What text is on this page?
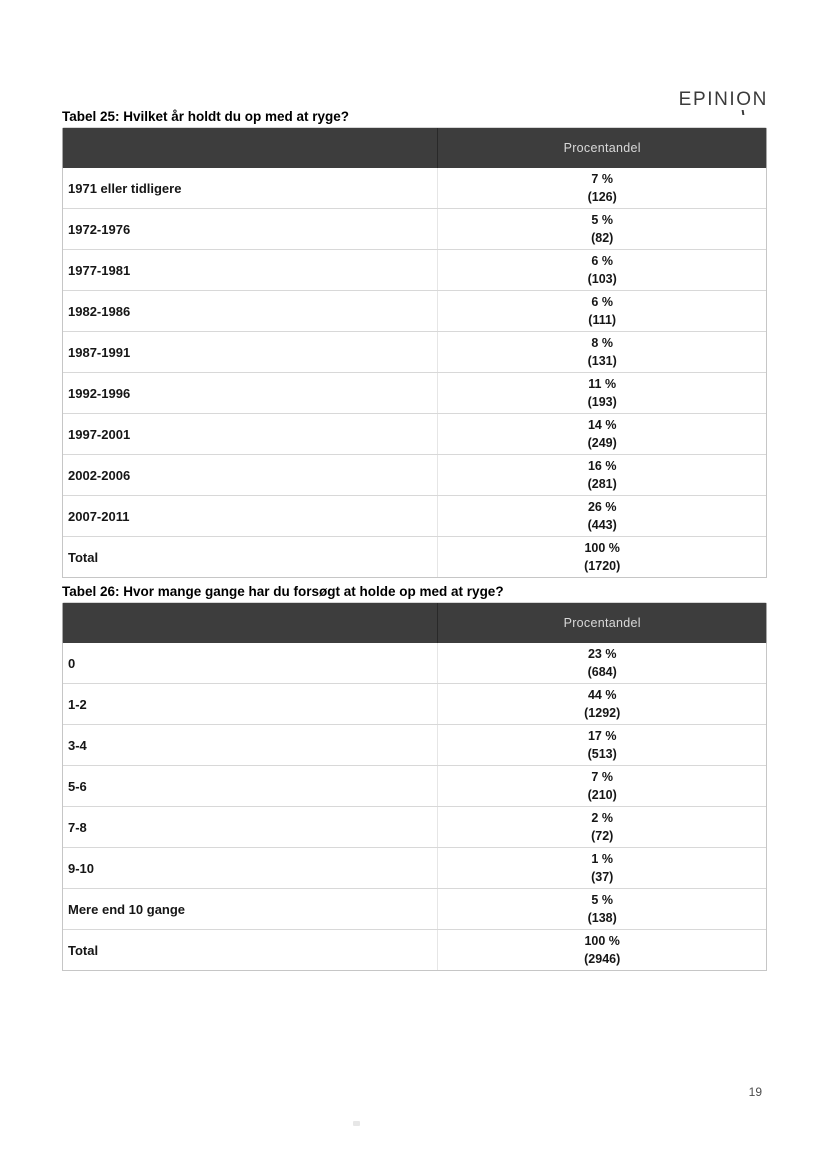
EPINION
Tabel 25: Hvilket år holdt du op med at ryge?
Procentandel
1971 eller tidligere
7 %
(126)
1972-1976
5 %
(82)
1977-1981
6 %
(103)
1982-1986
6 %
(111)
1987-1991
8 %
(131)
1992-1996
11 %
(193)
1997-2001
14 %
(249)
2002-2006
16 %
(281)
2007-2011
26 %
(443)
Total
100 %
(1720)
Tabel 26: Hvor mange gange har du forsøgt at holde op med at ryge?
Procentandel
0
23 %
(684)
1-2
44 %
(1292)
3-4
17 %
(513)
5-6
7 %
(210)
7-8
2 %
(72)
9-10
1 %
(37)
Mere end 10 gange
5 %
(138)
Total
100 %
(2946)
19
